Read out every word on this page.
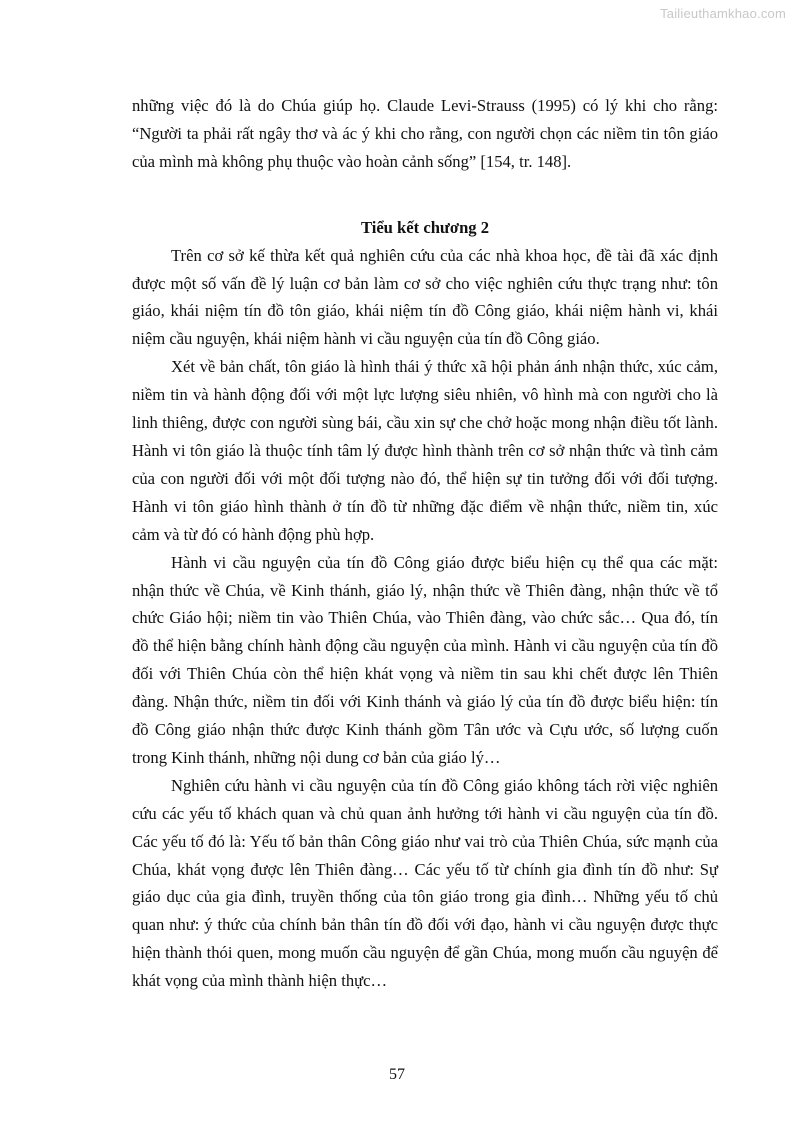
Tailieuthamkhao.com

những việc đó là do Chúa giúp họ. Claude Levi-Strauss (1995) có lý khi cho rằng: “Người ta phải rất ngây thơ và ác ý khi cho rằng, con người chọn các niềm tin tôn giáo của mình mà không phụ thuộc vào hoàn cảnh sống” [154, tr. 148].

Tiểu kết chương 2

Trên cơ sở kế thừa kết quả nghiên cứu của các nhà khoa học, đề tài đã xác định được một số vấn đề lý luận cơ bản làm cơ sở cho việc nghiên cứu thực trạng như: tôn giáo, khái niệm tín đồ tôn giáo, khái niệm tín đồ Công giáo, khái niệm hành vi, khái niệm cầu nguyện, khái niệm hành vi cầu nguyện của tín đồ Công giáo.

Xét về bản chất, tôn giáo là hình thái ý thức xã hội phản ánh nhận thức, xúc cảm, niềm tin và hành động đối với một lực lượng siêu nhiên, vô hình mà con người cho là linh thiêng, được con người sùng bái, cầu xin sự che chở hoặc mong nhận điều tốt lành. Hành vi tôn giáo là thuộc tính tâm lý được hình thành trên cơ sở nhận thức và tình cảm của con người đối với một đối tượng nào đó, thể hiện sự tin tưởng đối với đối tượng. Hành vi tôn giáo hình thành ở tín đồ từ những đặc điểm về nhận thức, niềm tin, xúc cảm và từ đó có hành động phù hợp.

Hành vi cầu nguyện của tín đồ Công giáo được biểu hiện cụ thể qua các mặt: nhận thức về Chúa, về Kinh thánh, giáo lý, nhận thức về Thiên đàng, nhận thức về tổ chức Giáo hội; niềm tin vào Thiên Chúa, vào Thiên đàng, vào chức sắc… Qua đó, tín đồ thể hiện bằng chính hành động cầu nguyện của mình. Hành vi cầu nguyện của tín đồ đối với Thiên Chúa còn thể hiện khát vọng và niềm tin sau khi chết được lên Thiên đàng. Nhận thức, niềm tin đối với Kinh thánh và giáo lý của tín đồ được biểu hiện: tín đồ Công giáo nhận thức được Kinh thánh gồm Tân ước và Cựu ước, số lượng cuốn trong Kinh thánh, những nội dung cơ bản của giáo lý…

Nghiên cứu hành vi cầu nguyện của tín đồ Công giáo không tách rời việc nghiên cứu các yếu tố khách quan và chủ quan ảnh hưởng tới hành vi cầu nguyện của tín đồ. Các yếu tố đó là: Yếu tố bản thân Công giáo như vai trò của Thiên Chúa, sức mạnh của Chúa, khát vọng được lên Thiên đàng… Các yếu tố từ chính gia đình tín đồ như: Sự giáo dục của gia đình, truyền thống của tôn giáo trong gia đình… Những yếu tố chủ quan như: ý thức của chính bản thân tín đồ đối với đạo, hành vi cầu nguyện được thực hiện thành thói quen, mong muốn cầu nguyện để gần Chúa, mong muốn cầu nguyện để khát vọng của mình thành hiện thực…

57
